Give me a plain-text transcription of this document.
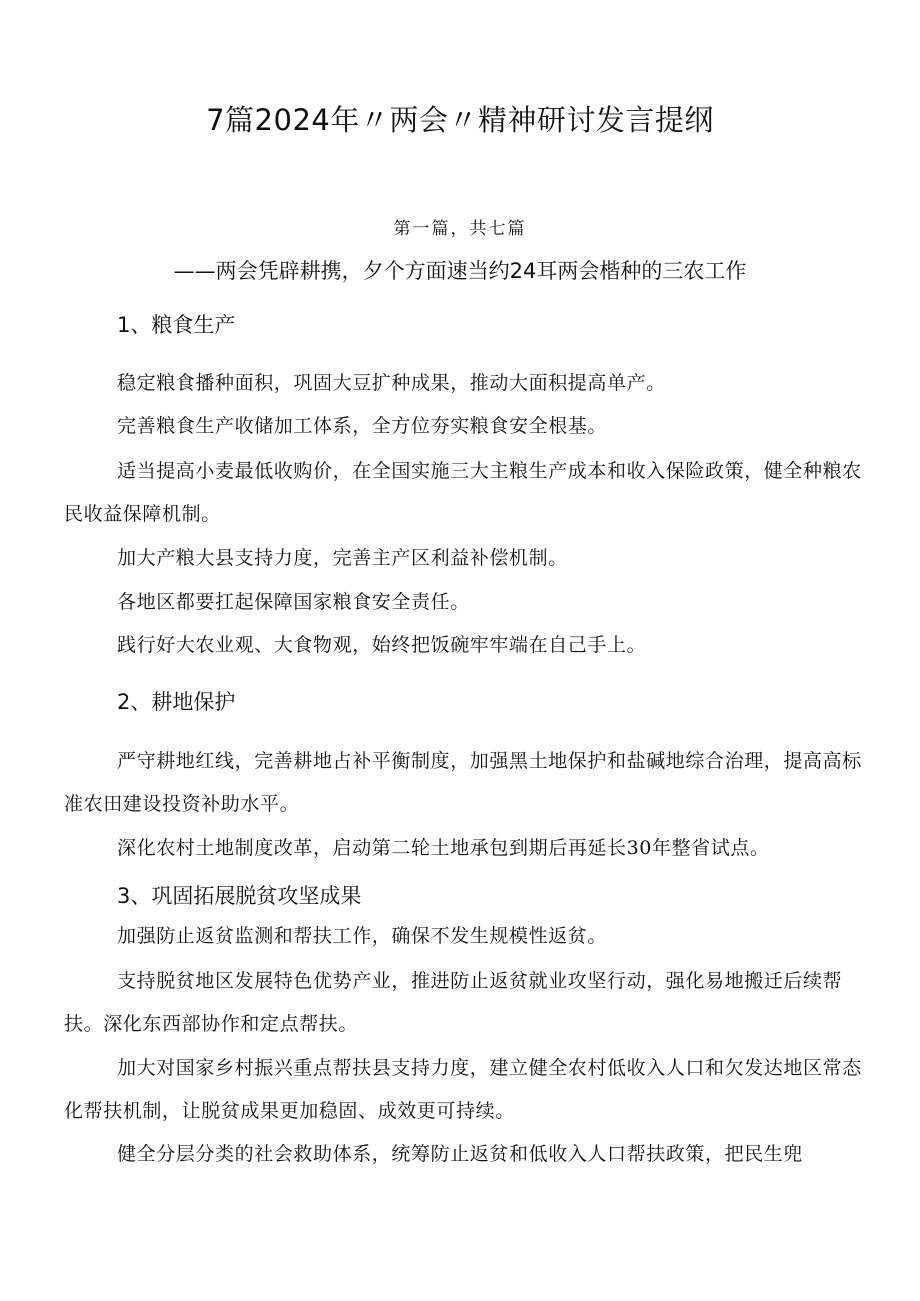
7篇2024年〃两会〃精神研讨发言提纲
第一篇，共七篇
——两会凭辟耕携，夕个方面速当约24耳两会楷种的三农工作
1、粮食生产
稳定粮食播种面积，巩固大豆扩种成果，推动大面积提高单产。
完善粮食生产收储加工体系，全方位夯实粮食安全根基。
适当提高小麦最低收购价，在全国实施三大主粮生产成本和收入保险政策，健全种粮农民收益保障机制。
加大产粮大县支持力度，完善主产区利益补偿机制。
各地区都要扛起保障国家粮食安全责任。
践行好大农业观、大食物观，始终把饭碗牢牢端在自己手上。
2、耕地保护
严守耕地红线，完善耕地占补平衡制度，加强黑土地保护和盐碱地综合治理，提高高标准农田建设投资补助水平。
深化农村土地制度改革，启动第二轮土地承包到期后再延长30年整省试点。
3、巩固拓展脱贫攻坚成果
加强防止返贫监测和帮扶工作，确保不发生规模性返贫。
支持脱贫地区发展特色优势产业，推进防止返贫就业攻坚行动，强化易地搬迁后续帮扶。深化东西部协作和定点帮扶。
加大对国家乡村振兴重点帮扶县支持力度，建立健全农村低收入人口和欠发达地区常态化帮扶机制，让脱贫成果更加稳固、成效更可持续。
健全分层分类的社会救助体系，统筹防止返贫和低收入人口帮扶政策，把民生兜
